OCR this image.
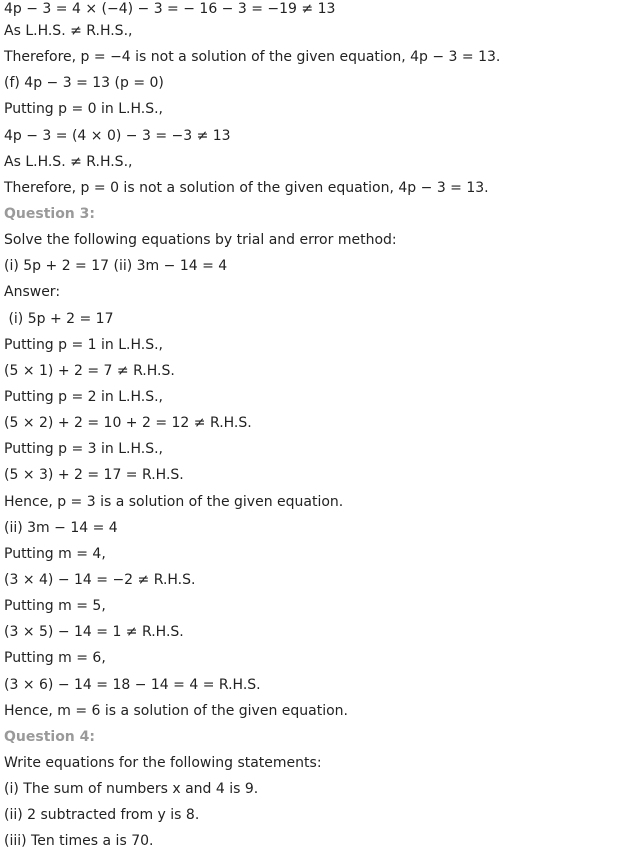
4p − 3 = 4 × (−4) − 3 = − 16 − 3 = −19 ≠ 13
As L.H.S. ≠ R.H.S.,
Therefore, p = −4 is not a solution of the given equation, 4p − 3 = 13.
(f) 4p − 3 = 13 (p = 0)
Putting p = 0 in L.H.S.,
4p − 3 = (4 × 0) − 3 = −3 ≠ 13
As L.H.S. ≠ R.H.S.,
Therefore, p = 0 is not a solution of the given equation, 4p − 3 = 13.
Question 3:
Solve the following equations by trial and error method:
(i) 5p + 2 = 17 (ii) 3m − 14 = 4
Answer:
(i) 5p + 2 = 17
Putting p = 1 in L.H.S.,
(5 × 1) + 2 = 7 ≠ R.H.S.
Putting p = 2 in L.H.S.,
(5 × 2) + 2 = 10 + 2 = 12 ≠ R.H.S.
Putting p = 3 in L.H.S.,
(5 × 3) + 2 = 17 = R.H.S.
Hence, p = 3 is a solution of the given equation.
(ii) 3m − 14 = 4
Putting m = 4,
(3 × 4) − 14 = −2 ≠ R.H.S.
Putting m = 5,
(3 × 5) − 14 = 1 ≠ R.H.S.
Putting m = 6,
(3 × 6) − 14 = 18 − 14 = 4 = R.H.S.
Hence, m = 6 is a solution of the given equation.
Question 4:
Write equations for the following statements:
(i) The sum of numbers x and 4 is 9.
(ii) 2 subtracted from y is 8.
(iii) Ten times a is 70.
